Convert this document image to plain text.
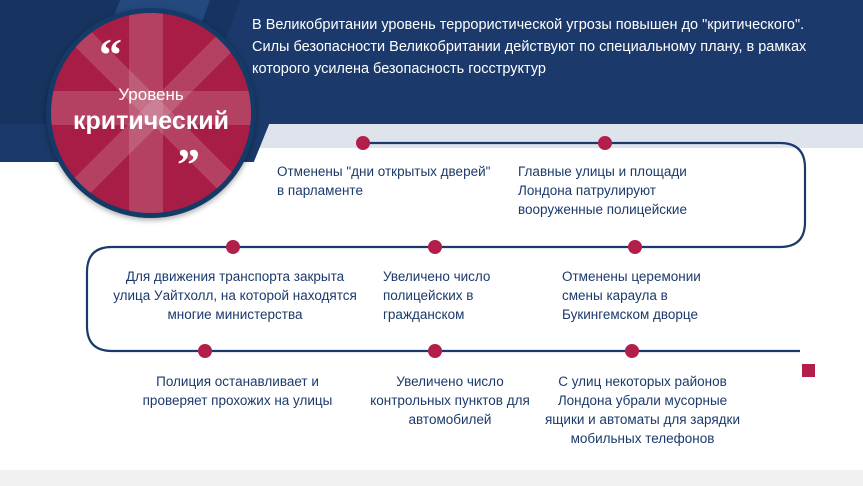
В Великобритании уровень террористической угрозы повышен до "критического". Силы безопасности Великобритании действуют по специальному плану, в рамках которого усилена безопасность госструктур
“
”
Уровень
критический
Отменены "дни открытых дверей" в парламенте
Главные улицы и площади Лондона патрулируют вооруженные полицейские
Для движения транспорта закрыта улица Уайтхолл, на которой находятся многие министерства
Увеличено число полицейских в гражданском
Отменены церемонии смены караула в Букингемском дворце
Полиция останавливает и проверяет прохожих на улицы
Увеличено число контрольных пунктов для автомобилей
С улиц некоторых районов Лондона убрали мусорные ящики и автоматы для зарядки мобильных телефонов
